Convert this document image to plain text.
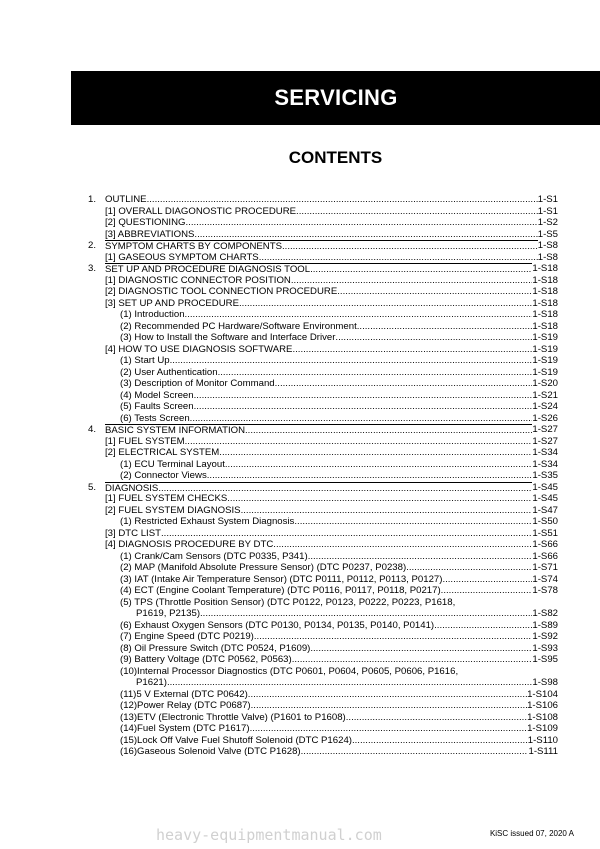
SERVICING
CONTENTS
1. OUTLINE .....	1-S1
[1] OVERALL DIAGONOSTIC PROCEDURE .....	1-S1
[2] QUESTIONING .....	1-S2
[3] ABBREVIATIONS .....	1-S5
2. SYMPTOM CHARTS BY COMPONENTS .....	1-S8
[1] GASEOUS SYMPTOM CHARTS .....	1-S8
3. SET UP AND PROCEDURE DIAGNOSIS TOOL .....	1-S18
[1] DIAGNOSTIC CONNECTOR POSITION .....	1-S18
[2] DIAGNOSTIC TOOL CONNECTION PROCEDURE .....	1-S18
[3] SET UP AND PROCEDURE .....	1-S18
(1) Introduction .....	1-S18
(2) Recommended PC Hardware/Software Environment .....	1-S18
(3) How to Install the Software and Interface Driver .....	1-S19
[4] HOW TO USE DIAGNOSIS SOFTWARE .....	1-S19
(1) Start Up .....	1-S19
(2) User Authentication .....	1-S19
(3) Description of Monitor Command .....	1-S20
(4) Model Screen .....	1-S21
(5) Faults Screen .....	1-S24
(6) Tests Screen .....	1-S26
4. BASIC SYSTEM INFORMATION .....	1-S27
[1] FUEL SYSTEM .....	1-S27
[2] ELECTRICAL SYSTEM .....	1-S34
(1) ECU Terminal Layout .....	1-S34
(2) Connector Views .....	1-S35
5. DIAGNOSIS .....	1-S45
[1] FUEL SYSTEM CHECKS .....	1-S45
[2] FUEL SYSTEM DIAGNOSIS .....	1-S47
(1) Restricted Exhaust System Diagnosis .....	1-S50
[3] DTC LIST .....	1-S51
[4] DIAGNOSIS PROCEDURE BY DTC .....	1-S66
(1) Crank/Cam Sensors (DTC P0335, P341) .....	1-S66
(2) MAP (Manifold Absolute Pressure Sensor) (DTC P0237, P0238) .....	1-S71
(3) IAT (Intake Air Temperature Sensor) (DTC P0111, P0112, P0113, P0127) .....	1-S74
(4) ECT (Engine Coolant Temperature) (DTC P0116, P0117, P0118, P0217) .....	1-S78
(5) TPS (Throttle Position Sensor) (DTC P0122, P0123, P0222, P0223, P1618,
P1619, P2135) .....	1-S82
(6) Exhaust Oxygen Sensors (DTC P0130, P0134, P0135, P0140, P0141) .....	1-S89
(7) Engine Speed (DTC P0219) .....	1-S92
(8) Oil Pressure Switch (DTC P0524, P1609) .....	1-S93
(9) Battery Voltage (DTC P0562, P0563) .....	1-S95
(10)Internal Processor Diagnostics (DTC P0601, P0604, P0605, P0606, P1616,
P1621) .....	1-S98
(11)5 V External (DTC P0642) .....	1-S104
(12)Power Relay (DTC P0687) .....	1-S106
(13)ETV (Electronic Throttle Valve) (P1601 to P1608) .....	1-S108
(14)Fuel System (DTC P1617) .....	1-S109
(15)Lock Off Valve Fuel Shutoff Solenoid (DTC P1624) .....	1-S110
(16)Gaseous Solenoid Valve (DTC P1628) .....	1-S111
heavy-equipmentmanual.com	KiSC issued 07, 2020 A
